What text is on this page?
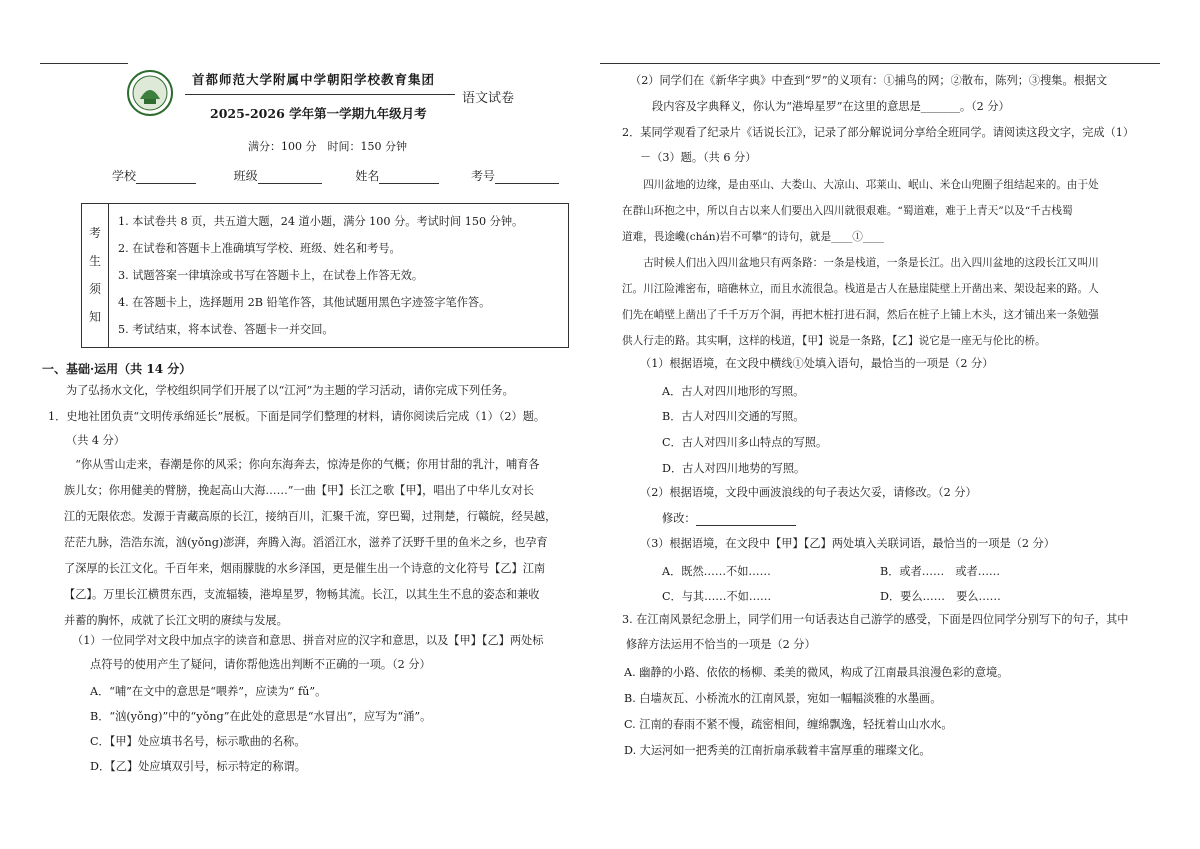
首都师范大学附属中学朝阳学校教育集团
语文试卷
2025-2026 学年第一学期九年级月考
满分：100 分　时间：150 分钟
学校	班级	姓名	考号
考
生
须
知
1. 本试卷共 8 页，共五道大题，24 道小题，满分 100 分。考试时间 150 分钟。
2. 在试卷和答题卡上准确填写学校、班级、姓名和考号。
3. 试题答案一律填涂或书写在答题卡上，在试卷上作答无效。
4. 在答题卡上，选择题用 2B 铅笔作答，其他试题用黑色字迹签字笔作答。
5. 考试结束，将本试卷、答题卡一并交回。
一、基础·运用（共 14 分）
为了弘扬水文化，学校组织同学们开展了以“江河”为主题的学习活动，请你完成下列任务。
1．史地社团负责“文明传承绵延长”展板。下面是同学们整理的材料，请你阅读后完成（1）（2）题。
（共 4 分）
“你从雪山走来，春潮是你的风采；你向东海奔去，惊涛是你的气概；你用甘甜的乳汁，哺育各
族儿女；你用健美的臂膀，挽起高山大海……”一曲【甲】长江之歌【甲】，唱出了中华儿女对长
江的无限依恋。发源于青藏高原的长江，接纳百川，汇聚千流，穿巴蜀，过荆楚，行赣皖，经吴越，
茫茫九脉，浩浩东流，汹(yǒng)澎湃，奔腾入海。滔滔江水，滋养了沃野千里的鱼米之乡，也孕育
了深厚的长江文化。千百年来，烟雨朦胧的水乡泽国，更是催生出一个诗意的文化符号【乙】江南
【乙】。万里长江横贯东西，支流辐辏，港埠星罗，物畅其流。长江，以其生生不息的姿态和兼收
并蓄的胸怀，成就了长江文明的赓续与发展。
（1）一位同学对文段中加点字的读音和意思、拼音对应的汉字和意思，以及【甲】【乙】两处标
点符号的使用产生了疑问，请你帮他选出判断不正确的一项。（2 分）
A．“哺”在文中的意思是“喂养”，应读为“ fǔ”。
B．“汹(yǒng)”中的“yǒng”在此处的意思是“水冒出”，应写为“涌”。
C．【甲】处应填书名号，标示歌曲的名称。
D．【乙】处应填双引号，标示特定的称谓。
（2）同学们在《新华字典》中查到“罗”的义项有：①捕鸟的网；②散布，陈列；③搜集。根据文
段内容及字典释义，你认为“港埠星罗”在这里的意思是_______。（2 分）
2．某同学观看了纪录片《话说长江》，记录了部分解说词分享给全班同学。请阅读这段文字，完成（1）
－（3）题。（共 6 分）
四川盆地的边缘，是由巫山、大娄山、大凉山、邛莱山、岷山、米仓山兜圈子组结起来的。由于处
在群山环抱之中，所以自古以来人们要出入四川就很艰难。“蜀道难，难于上青天”以及“千古栈蜀
道难，畏途巉(chán)岩不可攀”的诗句，就是____①____
古时候人们出入四川盆地只有两条路：一条是栈道，一条是长江。出入四川盆地的这段长江又叫川
江。川江险滩密布，暗礁林立，而且水流很急。栈道是古人在悬崖陡壁上开凿出来、架设起来的路。人
们先在峭壁上凿出了千千万万个洞，再把木桩打进石洞，然后在桩子上铺上木头，这才铺出来一条勉强
供人行走的路。其实啊，这样的栈道，【甲】说是一条路，【乙】说它是一座无与伦比的桥。
（1）根据语境，在文段中横线①处填入语句，最恰当的一项是（2 分）
A．古人对四川地形的写照。
B．古人对四川交通的写照。
C．古人对四川多山特点的写照。
D．古人对四川地势的写照。
（2）根据语境，文段中画波浪线的句子表达欠妥，请修改。（2 分）
修改：
（3）根据语境，在文段中【甲】【乙】两处填入关联词语，最恰当的一项是（2 分）
A．既然……不如……	B．或者……　或者……
C．与其……不如……	D．要么……　要么……
3. 在江南风景纪念册上，同学们用一句话表达自己游学的感受，下面是四位同学分别写下的句子，其中
修辞方法运用不恰当的一项是（2 分）
A. 幽静的小路、依依的杨柳、柔美的微风，构成了江南最具浪漫色彩的意境。
B. 白墙灰瓦、小桥流水的江南风景，宛如一幅幅淡雅的水墨画。
C. 江南的春雨不紧不慢，疏密相间，缠绵飘逸，轻抚着山山水水。
D. 大运河如一把秀美的江南折扇承载着丰富厚重的璀璨文化。
